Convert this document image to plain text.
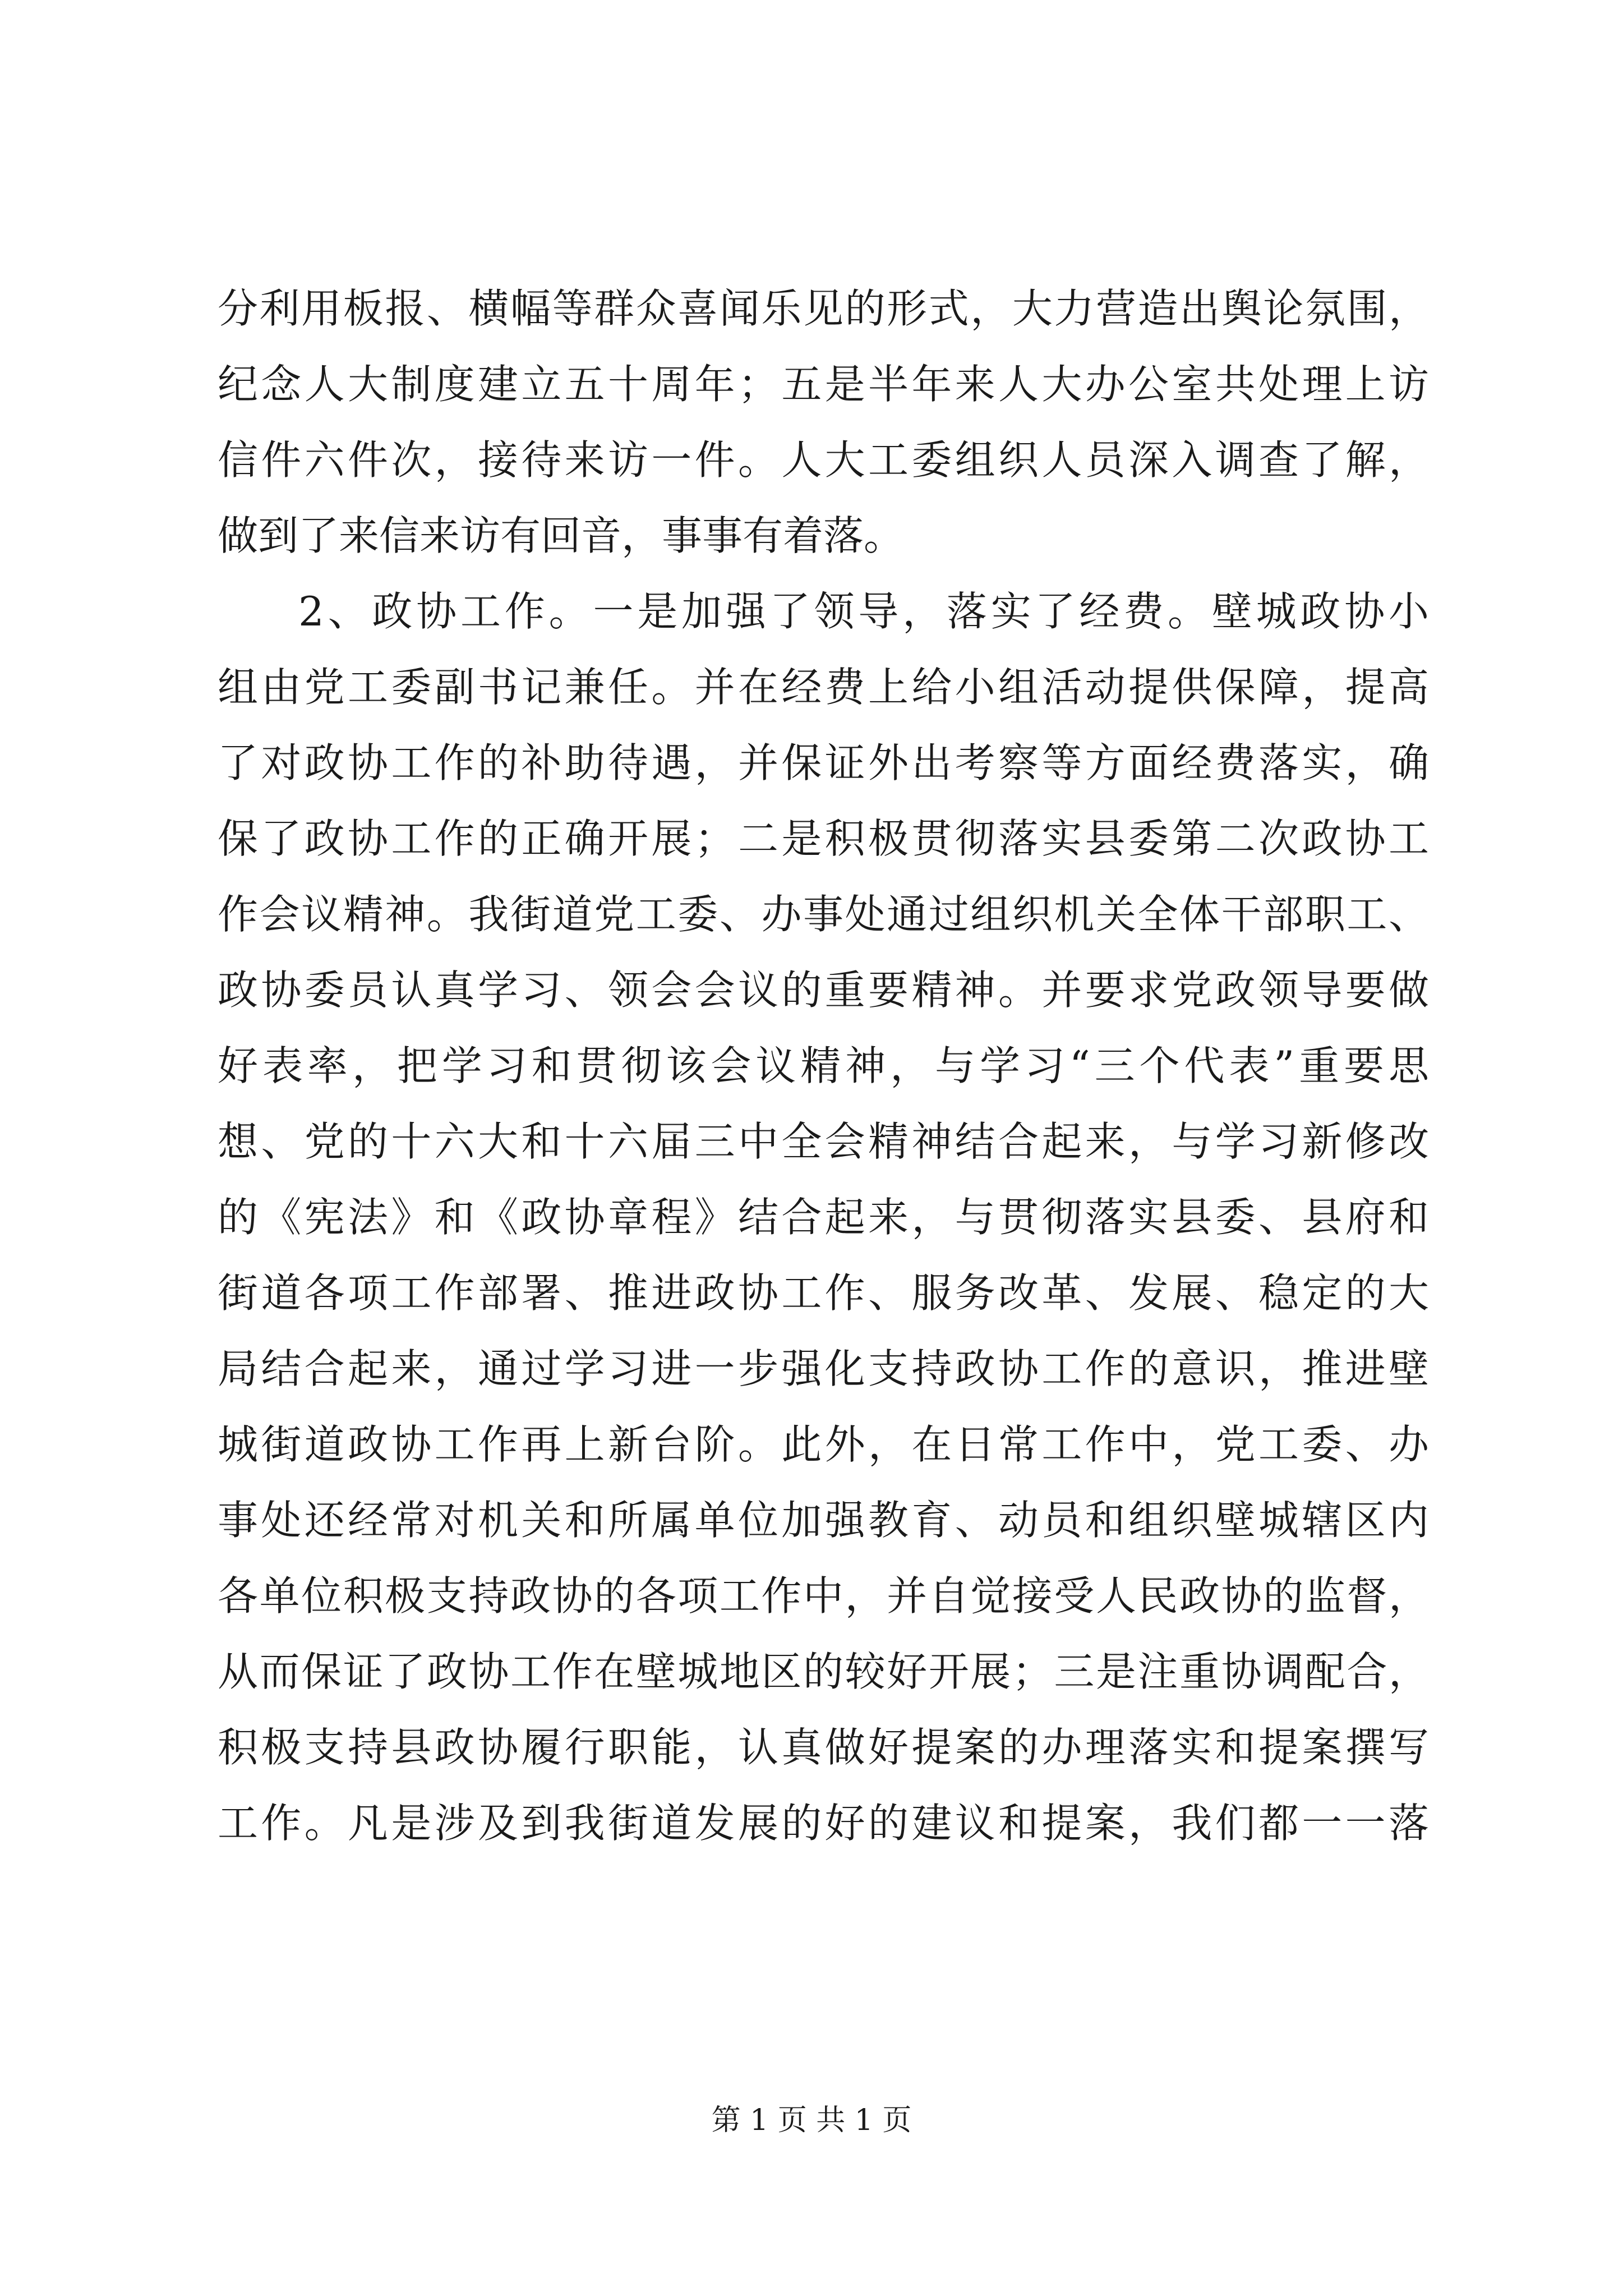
分利用板报、横幅等群众喜闻乐见的形式，大力营造出舆论氛围，
纪念人大制度建立五十周年；五是半年来人大办公室共处理上访
信件六件次，接待来访一件。人大工委组织人员深入调查了解，
做到了来信来访有回音，事事有着落。
2、政协工作。一是加强了领导，落实了经费。壁城政协小
组由党工委副书记兼任。并在经费上给小组活动提供保障，提高
了对政协工作的补助待遇，并保证外出考察等方面经费落实，确
保了政协工作的正确开展；二是积极贯彻落实县委第二次政协工
作会议精神。我街道党工委、办事处通过组织机关全体干部职工、
政协委员认真学习、领会会议的重要精神。并要求党政领导要做
好表率，把学习和贯彻该会议精神，与学习“三个代表”重要思
想、党的十六大和十六届三中全会精神结合起来，与学习新修改
的《宪法》和《政协章程》结合起来，与贯彻落实县委、县府和
街道各项工作部署、推进政协工作、服务改革、发展、稳定的大
局结合起来，通过学习进一步强化支持政协工作的意识，推进壁
城街道政协工作再上新台阶。此外，在日常工作中，党工委、办
事处还经常对机关和所属单位加强教育、动员和组织壁城辖区内
各单位积极支持政协的各项工作中，并自觉接受人民政协的监督，
从而保证了政协工作在壁城地区的较好开展；三是注重协调配合，
积极支持县政协履行职能，认真做好提案的办理落实和提案撰写
工作。凡是涉及到我街道发展的好的建议和提案，我们都一一落
第 1 页 共 1 页
